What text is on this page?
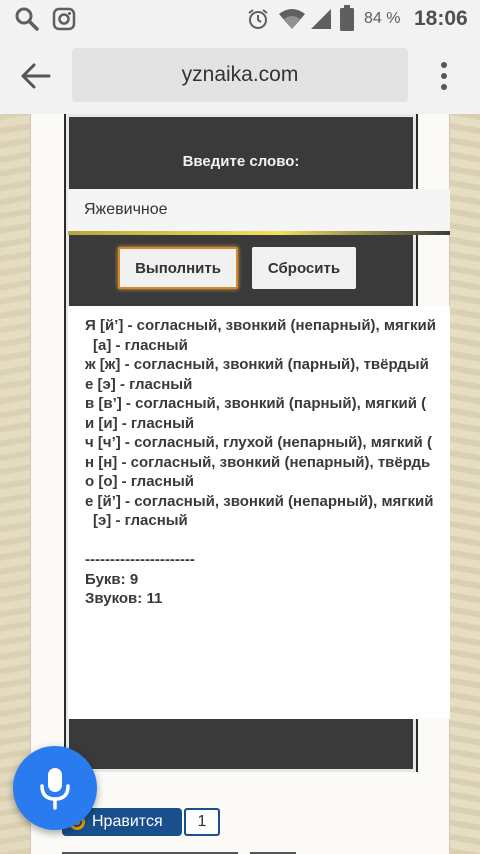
84 % 18:06
yznaika.com
Введите слово:
Яжевичное
Выполнить	Сбросить
Я [й’] - согласный, звонкий (непарный), мягкий
[а] - гласный
ж [ж] - согласный, звонкий (парный), твёрдый
е [э] - гласный
в [в’] - согласный, звонкий (парный), мягкий (
и [и] - гласный
ч [ч’] - согласный, глухой (непарный), мягкий (
н [н] - согласный, звонкий (непарный), твёрдь
о [о] - гласный
е [й’] - согласный, звонкий (непарный), мягкий
[э] - гласный
----------------------
Букв: 9
Звуков: 11
Нравится	1
